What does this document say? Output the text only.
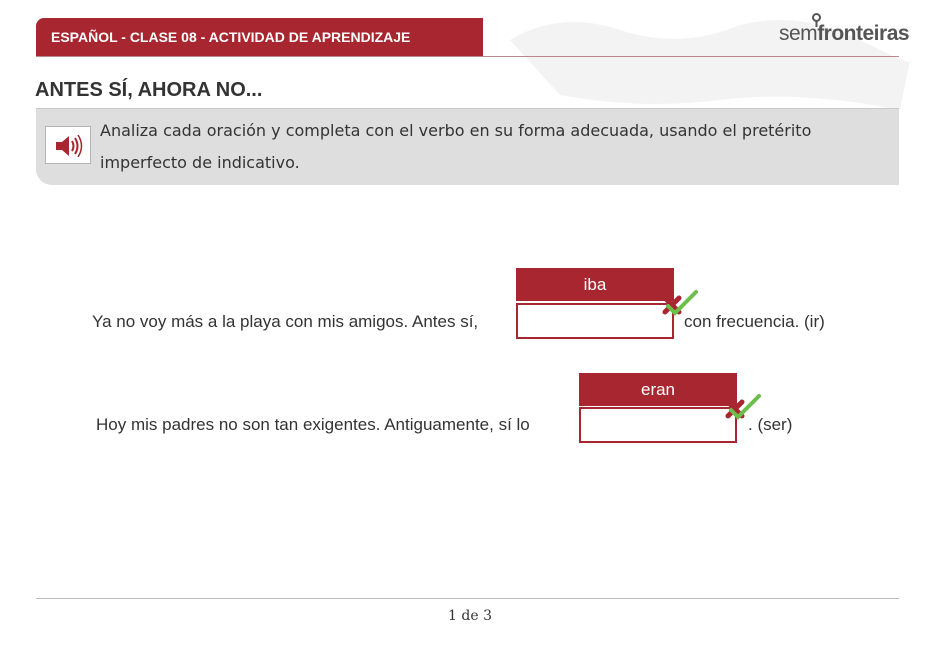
ESPAÑOL - CLASE 08 - ACTIVIDAD DE APRENDIZAJE	semfronteiras
ANTES SÍ, AHORA NO...
Analiza cada oración y completa con el verbo en su forma adecuada, usando el pretérito imperfecto de indicativo.
Ya no voy más a la playa con mis amigos. Antes sí,
iba
con frecuencia. (ir)
Hoy mis padres no son tan exigentes. Antiguamente, sí lo
eran
. (ser)
1 de 3
